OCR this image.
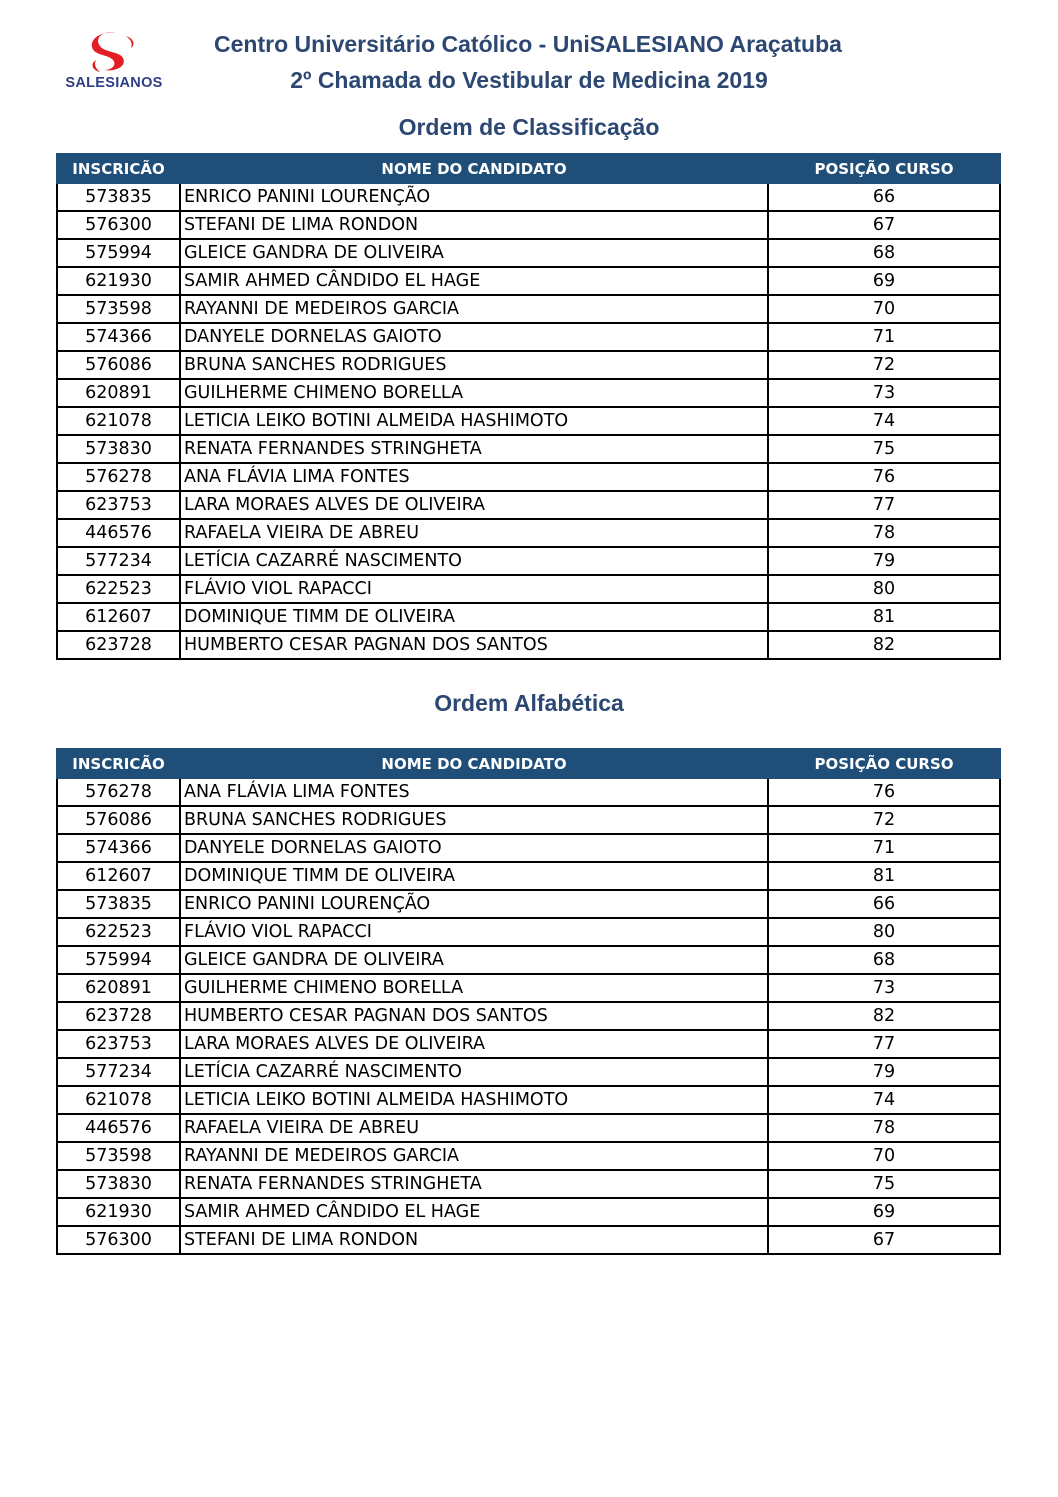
SALESIANOS
Centro Universitário Católico - UniSALESIANO Araçatuba
2º Chamada do Vestibular de Medicina 2019
Ordem de Classificação
INSCRICÃO	NOME DO CANDIDATO	POSIÇÃO CURSO
573835	ENRICO PANINI LOURENÇÃO	66
576300	STEFANI DE LIMA RONDON	67
575994	GLEICE GANDRA DE OLIVEIRA	68
621930	SAMIR AHMED CÂNDIDO EL HAGE	69
573598	RAYANNI DE MEDEIROS GARCIA	70
574366	DANYELE DORNELAS GAIOTO	71
576086	BRUNA SANCHES RODRIGUES	72
620891	GUILHERME CHIMENO BORELLA	73
621078	LETICIA LEIKO BOTINI ALMEIDA HASHIMOTO	74
573830	RENATA FERNANDES STRINGHETA	75
576278	ANA FLÁVIA LIMA FONTES	76
623753	LARA MORAES ALVES DE OLIVEIRA	77
446576	RAFAELA VIEIRA DE ABREU	78
577234	LETÍCIA CAZARRÉ NASCIMENTO	79
622523	FLÁVIO VIOL RAPACCI	80
612607	DOMINIQUE TIMM DE OLIVEIRA	81
623728	HUMBERTO CESAR PAGNAN DOS SANTOS	82
Ordem Alfabética
INSCRICÃO	NOME DO CANDIDATO	POSIÇÃO CURSO
576278	ANA FLÁVIA LIMA FONTES	76
576086	BRUNA SANCHES RODRIGUES	72
574366	DANYELE DORNELAS GAIOTO	71
612607	DOMINIQUE TIMM DE OLIVEIRA	81
573835	ENRICO PANINI LOURENÇÃO	66
622523	FLÁVIO VIOL RAPACCI	80
575994	GLEICE GANDRA DE OLIVEIRA	68
620891	GUILHERME CHIMENO BORELLA	73
623728	HUMBERTO CESAR PAGNAN DOS SANTOS	82
623753	LARA MORAES ALVES DE OLIVEIRA	77
577234	LETÍCIA CAZARRÉ NASCIMENTO	79
621078	LETICIA LEIKO BOTINI ALMEIDA HASHIMOTO	74
446576	RAFAELA VIEIRA DE ABREU	78
573598	RAYANNI DE MEDEIROS GARCIA	70
573830	RENATA FERNANDES STRINGHETA	75
621930	SAMIR AHMED CÂNDIDO EL HAGE	69
576300	STEFANI DE LIMA RONDON	67
